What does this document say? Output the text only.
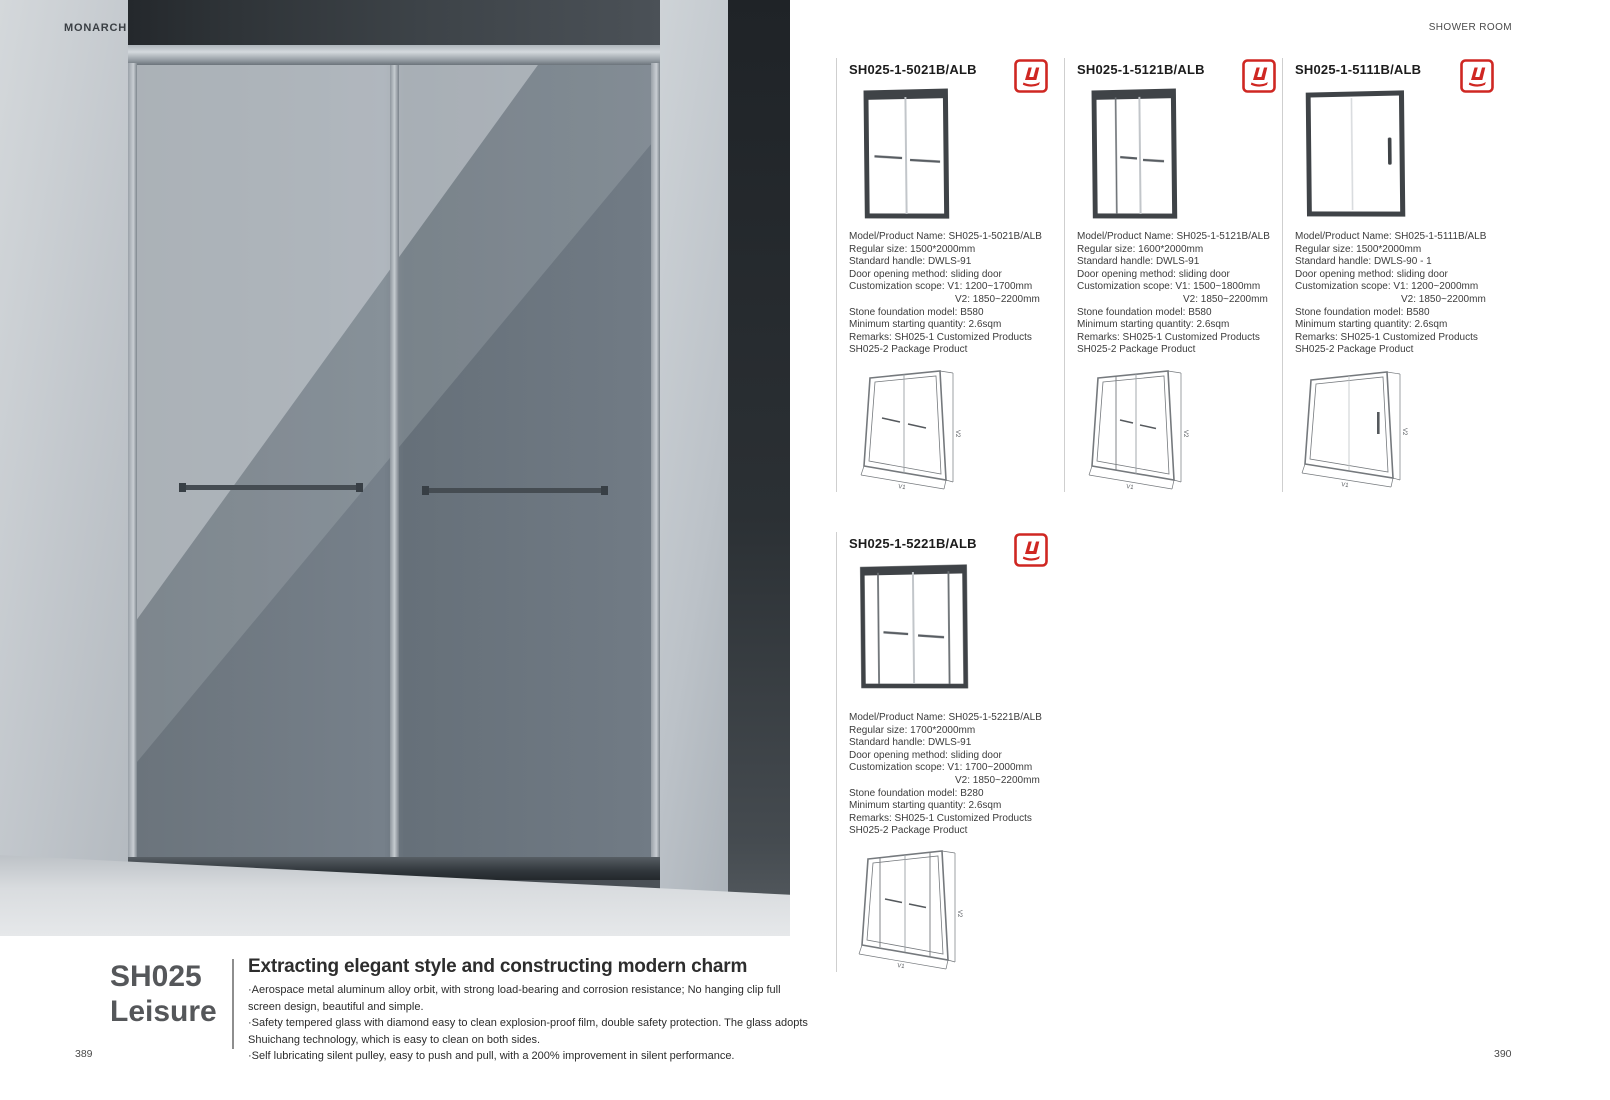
MONARCH	SHOWER ROOM
389	390
SH025
Leisure
Extracting elegant style and constructing modern charm

·Aerospace metal aluminum alloy orbit, with strong load-bearing and corrosion resistance; No hanging clip full screen design, beautiful and simple.

·Safety tempered glass with diamond easy to clean explosion-proof film, double safety protection. The glass adopts Shuichang technology, which is easy to clean on both sides.

·Self lubricating silent pulley, easy to push and pull, with a 200% improvement in silent performance.

SH025-1-5021B/ALB
Model/Product Name: SH025-1-5021B/ALB
Regular size: 1500*2000mm
Standard handle: DWLS-91
Door opening method: sliding door
Customization scope: V1: 1200~1700mm
V2: 1850~2200mm
Stone foundation model: B580
Minimum starting quantity: 2.6sqm
Remarks: SH025-1 Customized Products
SH025-2 Package Product
V2
V1
SH025-1-5121B/ALB
Model/Product Name: SH025-1-5121B/ALB
Regular size: 1600*2000mm
Standard handle: DWLS-91
Door opening method: sliding door
Customization scope: V1: 1500~1800mm
V2: 1850~2200mm
Stone foundation model: B580
Minimum starting quantity: 2.6sqm
Remarks: SH025-1 Customized Products
SH025-2 Package Product
V2
V1
SH025-1-5111B/ALB
Model/Product Name: SH025-1-5111B/ALB
Regular size: 1500*2000mm
Standard handle: DWLS-90 - 1
Door opening method: sliding door
Customization scope: V1: 1200~2000mm
V2: 1850~2200mm
Stone foundation model: B580
Minimum starting quantity: 2.6sqm
Remarks: SH025-1 Customized Products
SH025-2 Package Product
V2
V1
SH025-1-5221B/ALB
Model/Product Name: SH025-1-5221B/ALB
Regular size: 1700*2000mm
Standard handle: DWLS-91
Door opening method: sliding door
Customization scope: V1: 1700~2000mm
V2: 1850~2200mm
Stone foundation model: B280
Minimum starting quantity: 2.6sqm
Remarks: SH025-1 Customized Products
SH025-2 Package Product
V2
V1
